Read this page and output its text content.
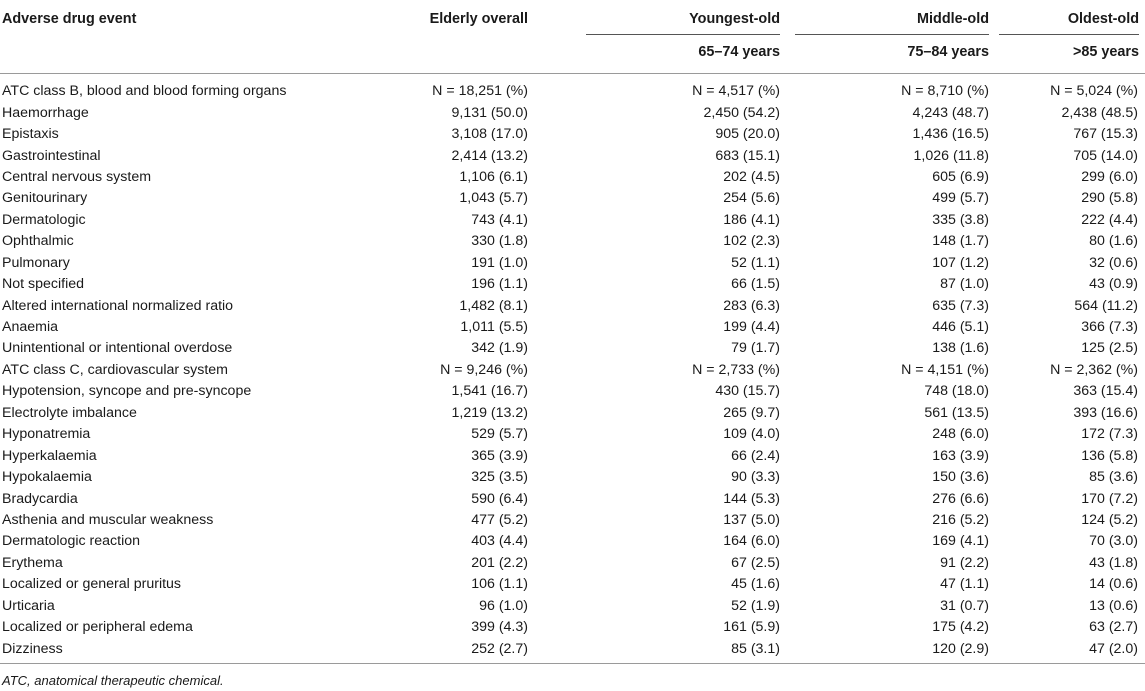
Adverse drug event	Elderly overall	Youngest-old	Middle-old	Oldest-old
		65–74 years	75–84 years	>85 years
ATC class B, blood and blood forming organs	N = 18,251 (%)	N = 4,517 (%)	N = 8,710 (%)	N = 5,024 (%)
Haemorrhage	9,131 (50.0)	2,450 (54.2)	4,243 (48.7)	2,438 (48.5)
Epistaxis	3,108 (17.0)	905 (20.0)	1,436 (16.5)	767 (15.3)
Gastrointestinal	2,414 (13.2)	683 (15.1)	1,026 (11.8)	705 (14.0)
Central nervous system	1,106 (6.1)	202 (4.5)	605 (6.9)	299 (6.0)
Genitourinary	1,043 (5.7)	254 (5.6)	499 (5.7)	290 (5.8)
Dermatologic	743 (4.1)	186 (4.1)	335 (3.8)	222 (4.4)
Ophthalmic	330 (1.8)	102 (2.3)	148 (1.7)	80 (1.6)
Pulmonary	191 (1.0)	52 (1.1)	107 (1.2)	32 (0.6)
Not specified	196 (1.1)	66 (1.5)	87 (1.0)	43 (0.9)
Altered international normalized ratio	1,482 (8.1)	283 (6.3)	635 (7.3)	564 (11.2)
Anaemia	1,011 (5.5)	199 (4.4)	446 (5.1)	366 (7.3)
Unintentional or intentional overdose	342 (1.9)	79 (1.7)	138 (1.6)	125 (2.5)
ATC class C, cardiovascular system	N = 9,246 (%)	N = 2,733 (%)	N = 4,151 (%)	N = 2,362 (%)
Hypotension, syncope and pre-syncope	1,541 (16.7)	430 (15.7)	748 (18.0)	363 (15.4)
Electrolyte imbalance	1,219 (13.2)	265 (9.7)	561 (13.5)	393 (16.6)
Hyponatremia	529 (5.7)	109 (4.0)	248 (6.0)	172 (7.3)
Hyperkalaemia	365 (3.9)	66 (2.4)	163 (3.9)	136 (5.8)
Hypokalaemia	325 (3.5)	90 (3.3)	150 (3.6)	85 (3.6)
Bradycardia	590 (6.4)	144 (5.3)	276 (6.6)	170 (7.2)
Asthenia and muscular weakness	477 (5.2)	137 (5.0)	216 (5.2)	124 (5.2)
Dermatologic reaction	403 (4.4)	164 (6.0)	169 (4.1)	70 (3.0)
Erythema	201 (2.2)	67 (2.5)	91 (2.2)	43 (1.8)
Localized or general pruritus	106 (1.1)	45 (1.6)	47 (1.1)	14 (0.6)
Urticaria	96 (1.0)	52 (1.9)	31 (0.7)	13 (0.6)
Localized or peripheral edema	399 (4.3)	161 (5.9)	175 (4.2)	63 (2.7)
Dizziness	252 (2.7)	85 (3.1)	120 (2.9)	47 (2.0)
ATC, anatomical therapeutic chemical.
